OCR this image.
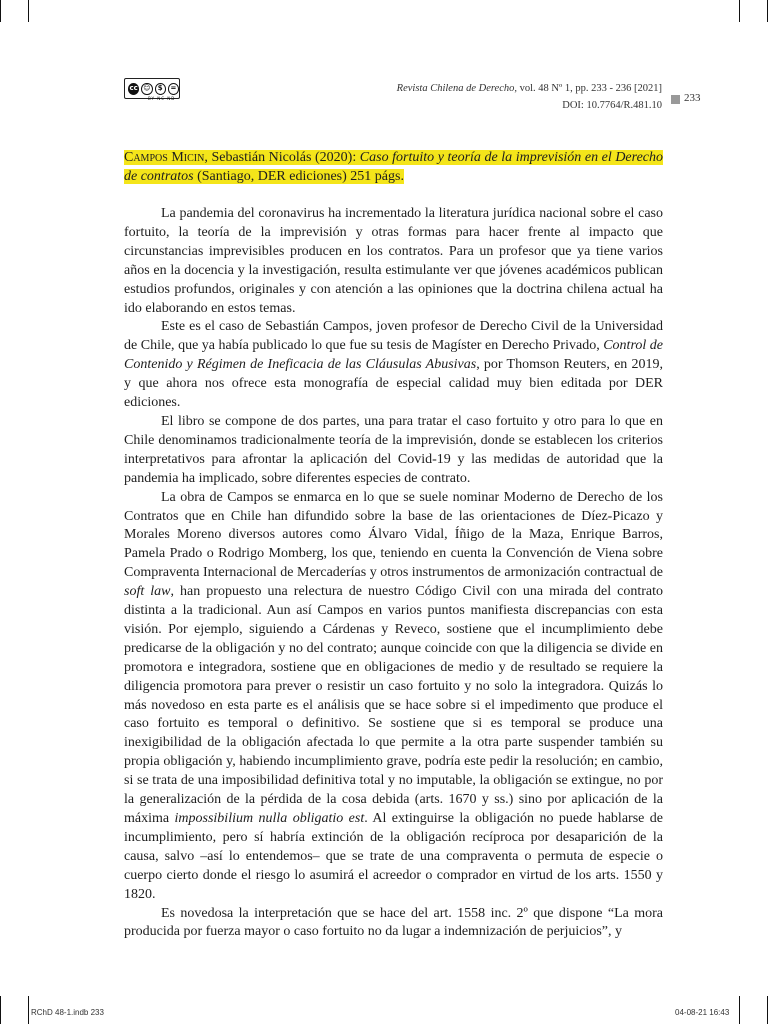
cc ☺	$	=
BY NC ND
Revista Chilena de Derecho, vol. 48 Nº 1, pp. 233 - 236 [2021]
DOI: 10.7764/R.481.10
233
Campos Micin, Sebastián Nicolás (2020): Caso fortuito y teoría de la imprevisión en el Derecho de contratos (Santiago, DER ediciones) 251 págs.

La pandemia del coronavirus ha incrementado la literatura jurídica nacional sobre el caso fortuito, la teoría de la imprevisión y otras formas para hacer frente al impacto que circunstancias imprevisibles producen en los contratos. Para un profesor que ya tiene varios años en la docencia y la investigación, resulta estimulante ver que jóvenes académicos publican estudios profundos, originales y con atención a las opiniones que la doctrina chilena actual ha ido elaborando en estos temas.

Este es el caso de Sebastián Campos, joven profesor de Derecho Civil de la Universidad de Chile, que ya había publicado lo que fue su tesis de Magíster en Derecho Privado, Control de Contenido y Régimen de Ineficacia de las Cláusulas Abusivas, por Thomson Reuters, en 2019, y que ahora nos ofrece esta monografía de especial calidad muy bien editada por DER ediciones.

El libro se compone de dos partes, una para tratar el caso fortuito y otro para lo que en Chile denominamos tradicionalmente teoría de la imprevisión, donde se establecen los criterios interpretativos para afrontar la aplicación del Covid-19 y las medidas de autoridad que la pandemia ha implicado, sobre diferentes especies de contrato.

La obra de Campos se enmarca en lo que se suele nominar Moderno de Derecho de los Contratos que en Chile han difundido sobre la base de las orientaciones de Díez-Picazo y Morales Moreno diversos autores como Álvaro Vidal, Íñigo de la Maza, Enrique Barros, Pamela Prado o Rodrigo Momberg, los que, teniendo en cuenta la Convención de Viena sobre Compraventa Internacional de Mercaderías y otros instrumentos de armonización contractual de soft law, han propuesto una relectura de nuestro Código Civil con una mirada del contrato distinta a la tradicional. Aun así Campos en varios puntos manifiesta discrepancias con esta visión. Por ejemplo, siguiendo a Cárdenas y Reveco, sostiene que el incumplimiento debe predicarse de la obligación y no del contrato; aunque coincide con que la diligencia se divide en promotora e integradora, sostiene que en obligaciones de medio y de resultado se requiere la diligencia promotora para prever o resistir un caso fortuito y no solo la integradora. Quizás lo más novedoso en esta parte es el análisis que se hace sobre si el impedimento que produce el caso fortuito es temporal o definitivo. Se sostiene que si es temporal se produce una inexigibilidad de la obligación afectada lo que permite a la otra parte suspender también su propia obligación y, habiendo incumplimiento grave, podría este pedir la resolución; en cambio, si se trata de una imposibilidad definitiva total y no imputable, la obligación se extingue, no por la generalización de la pérdida de la cosa debida (arts. 1670 y ss.) sino por aplicación de la máxima impossibilium nulla obligatio est. Al extinguirse la obligación no puede hablarse de incumplimiento, pero sí habría extinción de la obligación recíproca por desaparición de la causa, salvo –así lo entendemos– que se trate de una compraventa o permuta de especie o cuerpo cierto donde el riesgo lo asumirá el acreedor o comprador en virtud de los arts. 1550 y 1820.

Es novedosa la interpretación que se hace del art. 1558 inc. 2º que dispone “La mora producida por fuerza mayor o caso fortuito no da lugar a indemnización de perjuicios”, y

RChD 48-1.indb 233	04-08-21 16:43
